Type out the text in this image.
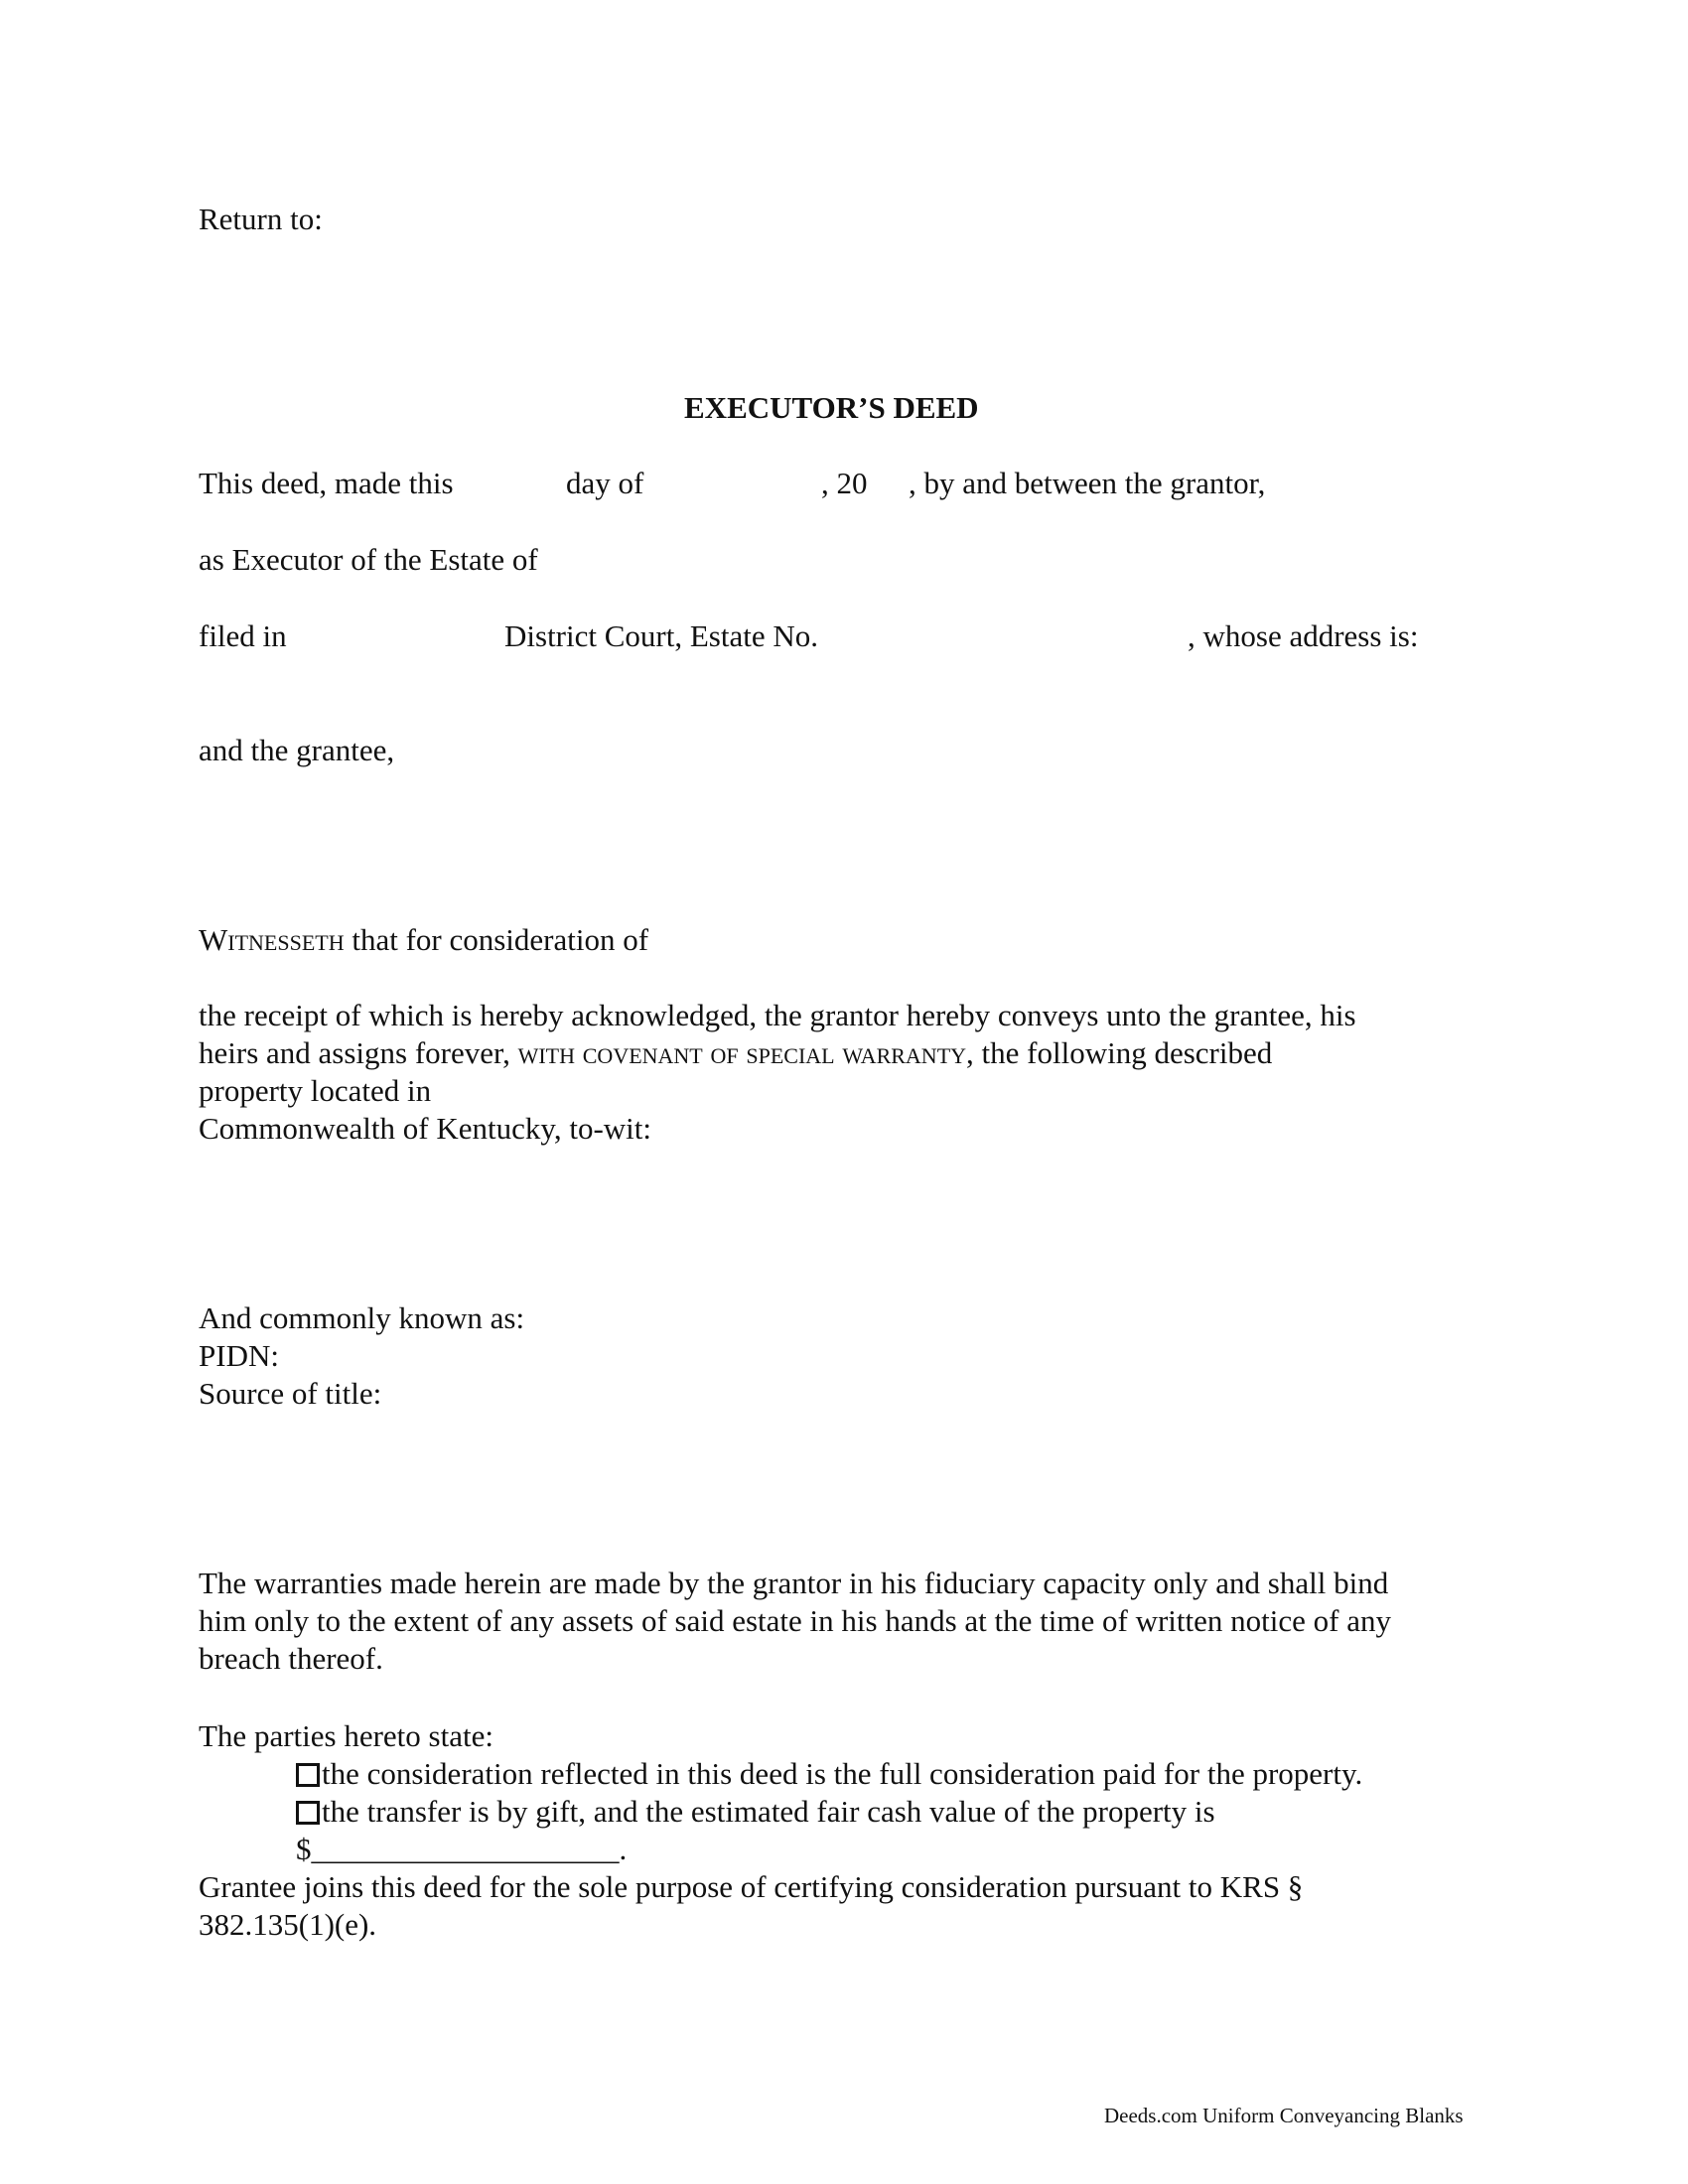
Return to:

EXECUTOR’S DEED

This deed, made this	day of	, 20 , by and between the grantor,

as Executor of the Estate of

filed in	District Court, Estate No.	, whose address is:

and the grantee,

Witnesseth that for consideration of

the receipt of which is hereby acknowledged, the grantor hereby conveys unto the grantee, his

heirs and assigns forever, with covenant of special warranty, the following described

property located in

Commonwealth of Kentucky, to-wit:

And commonly known as:

PIDN:

Source of title:

The warranties made herein are made by the grantor in his fiduciary capacity only and shall bind

him only to the extent of any assets of said estate in his hands at the time of written notice of any

breach thereof.

The parties hereto state:

the consideration reflected in this deed is the full consideration paid for the property.

the transfer is by gift, and the estimated fair cash value of the property is

$____________________.

Grantee joins this deed for the sole purpose of certifying consideration pursuant to KRS §

382.135(1)(e).

Deeds.com Uniform Conveyancing Blanks
